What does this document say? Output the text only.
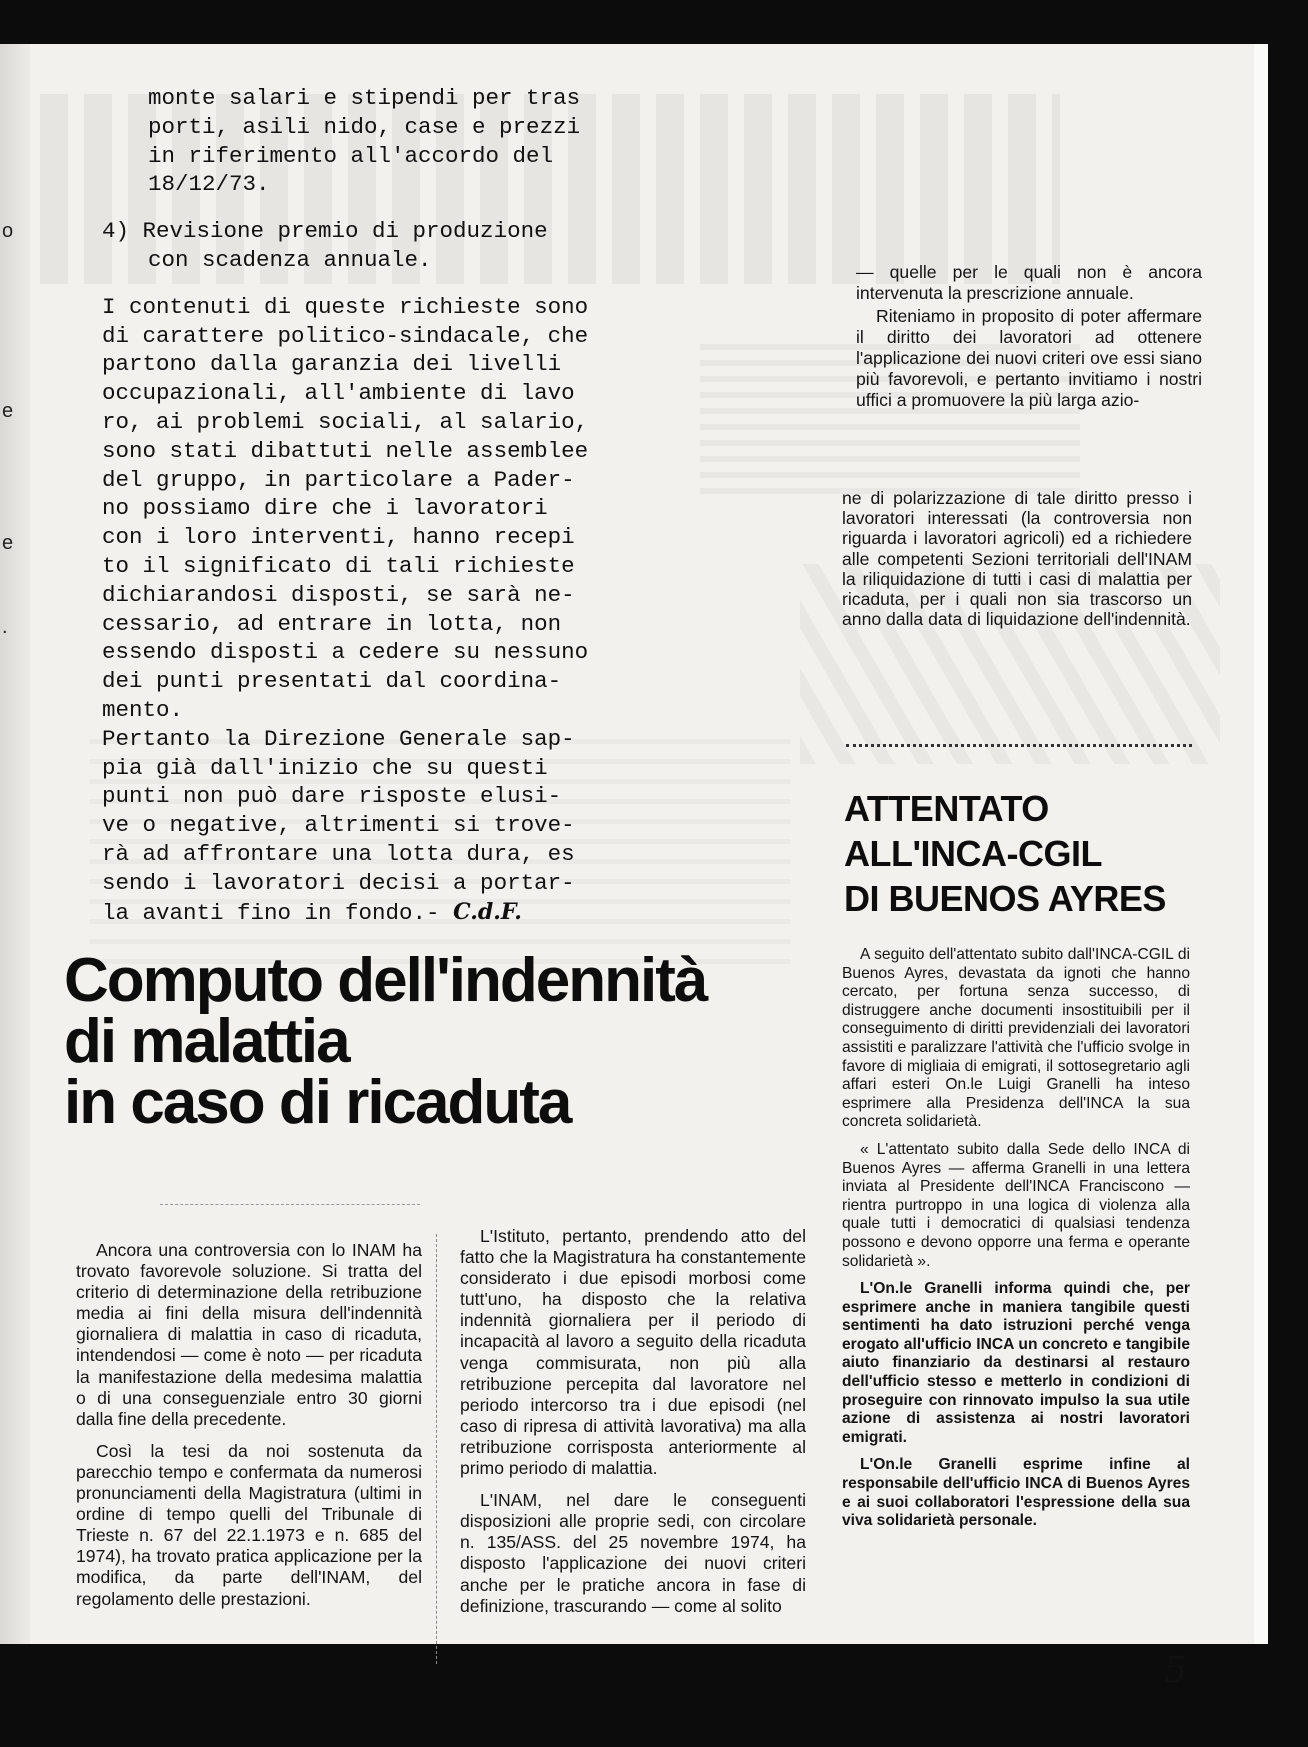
o
e
e
.

monte salari e stipendi per tras
porti, asili nido, case e prezzi
in riferimento all'accordo del
18/12/73.

4) Revisione premio di produzione
con scadenza annuale.

I contenuti di queste richieste sono
di carattere politico-sindacale, che
partono dalla garanzia dei livelli
occupazionali, all'ambiente di lavo
ro, ai problemi sociali, al salario,
sono stati dibattuti nelle assemblee
del gruppo, in particolare a Pader-
no possiamo dire che i lavoratori
con i loro interventi, hanno recepi
to il significato di tali richieste
dichiarandosi disposti, se sarà ne-
cessario, ad entrare in lotta, non
essendo disposti a cedere su nessuno
dei punti presentati dal coordina-
mento.

Pertanto la Direzione Generale sap-
pia già dall'inizio che su questi
punti non può dare risposte elusi-
ve o negative, altrimenti si trove-
rà ad affrontare una lotta dura, es
sendo i lavoratori decisi a portar-
la avanti fino in fondo.- C.d.F.

Computo dell'indennità
di malattia
in caso di ricaduta

Ancora una controversia con lo INAM ha trovato favorevole soluzione. Si tratta del criterio di determinazione della retribuzione media ai fini della misura dell'indennità giornaliera di malattia in caso di ricaduta, intendendosi — come è noto — per ricaduta la manifestazione della medesima malattia o di una conseguenziale entro 30 giorni dalla fine della precedente.

Così la tesi da noi sostenuta da parecchio tempo e confermata da numerosi pronunciamenti della Magistratura (ultimi in ordine di tempo quelli del Tribunale di Trieste n. 67 del 22.1.1973 e n. 685 del 1974), ha trovato pratica applicazione per la modifica, da parte dell'INAM, del regolamento delle prestazioni.

L'Istituto, pertanto, prendendo atto del fatto che la Magistratura ha constantemente considerato i due episodi morbosi come tutt'uno, ha disposto che la relativa indennità giornaliera per il periodo di incapacità al lavoro a seguito della ricaduta venga commisurata, non più alla retribuzione percepita dal lavoratore nel periodo intercorso tra i due episodi (nel caso di ripresa di attività lavorativa) ma alla retribuzione corrisposta anteriormente al primo periodo di malattia.

L'INAM, nel dare le conseguenti disposizioni alle proprie sedi, con circolare n. 135/ASS. del 25 novembre 1974, ha disposto l'applicazione dei nuovi criteri anche per le pratiche ancora in fase di definizione, trascurando — come al solito

— quelle per le quali non è ancora intervenuta la prescrizione annuale.

Riteniamo in proposito di poter affermare il diritto dei lavoratori ad ottenere l'applicazione dei nuovi criteri ove essi siano più favorevoli, e pertanto invitiamo i nostri uffici a promuovere la più larga azio-

ne di polarizzazione di tale diritto presso i lavoratori interessati (la controversia non riguarda i lavoratori agricoli) ed a richiedere alle competenti Sezioni territoriali dell'INAM la riliquidazione di tutti i casi di malattia per ricaduta, per i quali non sia trascorso un anno dalla data di liquidazione dell'indennità.

ATTENTATO
ALL'INCA-CGIL
DI BUENOS AYRES

A seguito dell'attentato subito dall'INCA-CGIL di Buenos Ayres, devastata da ignoti che hanno cercato, per fortuna senza successo, di distruggere anche documenti insostituibili per il conseguimento di diritti previdenziali dei lavoratori assistiti e paralizzare l'attività che l'ufficio svolge in favore di migliaia di emigrati, il sottosegretario agli affari esteri On.le Luigi Granelli ha inteso esprimere alla Presidenza dell'INCA la sua concreta solidarietà.

« L'attentato subito dalla Sede dello INCA di Buenos Ayres — afferma Granelli in una lettera inviata al Presidente dell'INCA Franciscono — rientra purtroppo in una logica di violenza alla quale tutti i democratici di qualsiasi tendenza possono e devono opporre una ferma e operante solidarietà ».

L'On.le Granelli informa quindi che, per esprimere anche in maniera tangibile questi sentimenti ha dato istruzioni perché venga erogato all'ufficio INCA un concreto e tangibile aiuto finanziario da destinarsi al restauro dell'ufficio stesso e metterlo in condizioni di proseguire con rinnovato impulso la sua utile azione di assistenza ai nostri lavoratori emigrati.

L'On.le Granelli esprime infine al responsabile dell'ufficio INCA di Buenos Ayres e ai suoi collaboratori l'espressione della sua viva solidarietà personale.

5
